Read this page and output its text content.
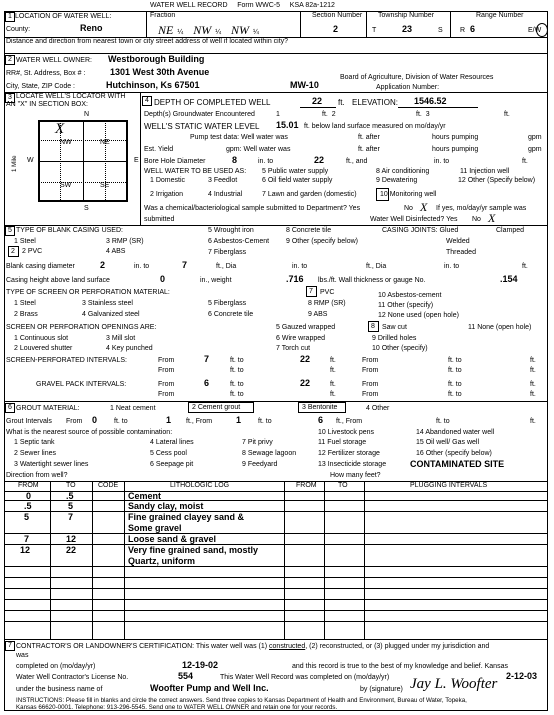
WATER WELL RECORD Form WWC-5 KSA 82a-1212
1 LOCATION OF WATER WELL:
County:	Reno
Fraction
NE ¼ NW ¼ NW ¼
Section Number
2
Township Number
T	23	S
Range Number
R 6	E/W
Distance and direction from nearest town or city street address of well if located within city?
2 WATER WELL OWNER: Westborough Building
RR#, St. Address, Box # :	1301 West 30th Avenue
City, State, ZIP Code :	Hutchinson, Ks 67501
Board of Agriculture, Division of Water Resources
Application Number:
MW-10
3 LOCATE WELL'S LOCATOR WITH
AN "X" IN SECTION BOX:
N
S
W	E
1 Mile
NW	NE
SW	SE
X
4 DEPTH OF COMPLETED WELL	22 ft. ELEVATION: 1546.52
Depth(s) Groundwater Encountered	1	ft.  2	ft.  3	ft.
WELL'S STATIC WATER LEVEL 15.01 ft. below land surface measured on mo/day/yr
Pump test data: Well water was	ft. after	hours pumping	gpm
Est. Yield	gpm: Well water was	ft. after	hours pumping	gpm
Bore Hole Diameter	8	in. to	22	ft., and	in. to	ft.
WELL WATER TO BE USED AS:
1 Domestic	3 Feedlot
5 Public water supply	8 Air conditioning	11 Injection well
2 Irrigation	4 Industrial
6 Oil field water supply	9 Dewatering	12 Other (Specify below)
7 Lawn and garden (domestic)	10 Monitoring well
Was a chemical/bacteriological sample submitted to Department? Yes	No X If yes, mo/day/yr sample was
submitted	Water Well Disinfected? Yes No X
5 TYPE OF BLANK CASING USED:
1 Steel	3 RMP (SR)
5 Wrought iron	8 Concrete tile
2 2 PVC	4 ABS
6 Asbestos-Cement 9 Other (specify below)
7 Fiberglass
CASING JOINTS: Glued	Clamped
Welded
Threaded
Blank casing diameter	2	in. to	7	ft., Dia	in. to	ft., Dia	in. to	ft.
Casing height above land surface	0	in., weight	.716 lbs./ft. Wall thickness or gauge No.	.154
TYPE OF SCREEN OR PERFORATION MATERIAL:	7 PVC
1 Steel	3 Stainless steel	5 Fiberglass	8 RMP (SR)
10 Asbestos-cement
2 Brass	4 Galvanized steel	6 Concrete tile	9 ABS
11 Other (specify)
12 None used (open hole)
SCREEN OR PERFORATION OPENINGS ARE:	5 Gauzed wrapped	8 Saw cut	11 None (open hole)
1 Continuous slot	3 Mill slot	6 Wire wrapped	9 Drilled holes
2 Louvered shutter	4 Key punched	7 Torch cut	10 Other (specify)
SCREEN-PERFORATED INTERVALS:	From	7	ft. to	22	ft.	From	ft. to	ft.
From	ft. to	ft.	From	ft. to	ft.
GRAVEL PACK INTERVALS:	From	6	ft. to	22	ft.	From	ft. to	ft.
From	ft. to	ft.	From	ft. to	ft.
6 GROUT MATERIAL:	1 Neat cement	2 Cement grout	3 Bentonite	4 Other
Grout Intervals From 0 ft. to	1 ft., From	1 ft. to	6 ft., From	ft. to	ft.
What is the nearest source of possible contamination:
1 Septic tank	4 Lateral lines	7 Pit privy
10 Livestock pens	14 Abandoned water well
2 Sewer lines	5 Cess pool	8 Sewage lagoon
11 Fuel storage	15 Oil well/ Gas well
3 Watertight sewer lines	6 Seepage pit	9 Feedyard
12 Fertilizer storage	16 Other (specify below)
13 Insecticide storage	CONTAMINATED SITE
Direction from well?	How many feet?
FROM	TO	CODE	LITHOLOGIC LOG	FROM	TO	PLUGGING INTERVALS
0	.5	Cement
.5	5	Sandy clay, moist
5	7	Fine grained clayey sand &
Some gravel
7	12	Loose sand & gravel
12	22	Very fine grained sand, mostly
Quartz, uniform
7 CONTRACTOR'S OR LANDOWNER'S CERTIFICATION: This water well was (1) constructed, (2) reconstructed, or (3) plugged under my jurisdiction and
was
completed on (mo/day/yr)	12-19-02	and this record is true to the best of my knowledge and belief. Kansas
Water Well Contractor's License No.	554	This Water Well Record was completed on (mo/day/yr)	2-12-03
under the business name of	Woofter Pump and Well Inc.	by (signature) Jay L. Woofter
INSTRUCTIONS: Please fill in blanks and circle the correct answers. Send three copies to Kansas Department of Health and Environment, Bureau of Water, Topeka,
Kansas 66620-0001. Telephone: 913-296-5545. Send one to WATER WELL OWNER and retain one for your records.
